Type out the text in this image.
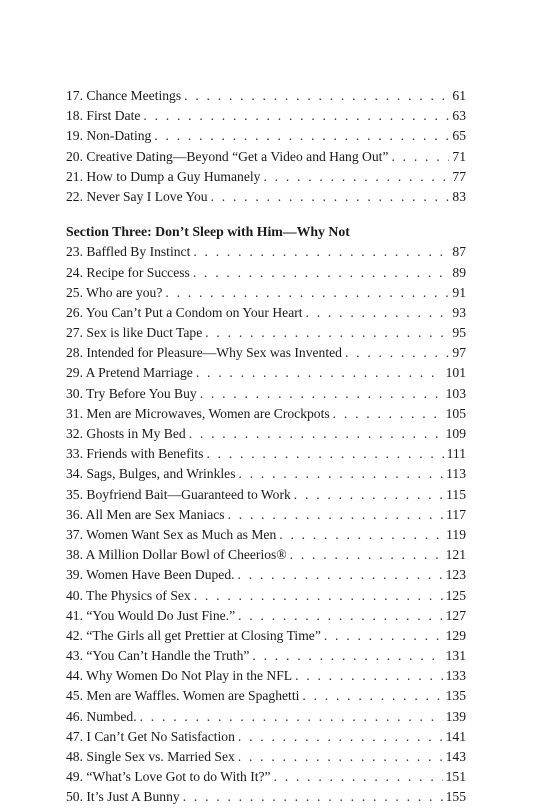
17. Chance Meetings . . .	61
18. First Date . . .	63
19. Non-Dating . . .	65
20. Creative Dating—Beyond “Get a Video and Hang Out” . . .	71
21. How to Dump a Guy Humanely . . .	77
22. Never Say I Love You . . .	83
Section Three: Don’t Sleep with Him—Why Not
23. Baffled By Instinct . . .	87
24. Recipe for Success . . .	89
25. Who are you? . . .	91
26. You Can’t Put a Condom on Your Heart . . .	93
27. Sex is like Duct Tape . . .	95
28. Intended for Pleasure—Why Sex was Invented . . .	97
29. A Pretend Marriage . . .	101
30. Try Before You Buy . . .	103
31. Men are Microwaves, Women are Crockpots . . .	105
32. Ghosts in My Bed . . .	109
33. Friends with Benefits . . .	111
34. Sags, Bulges, and Wrinkles . . .	113
35. Boyfriend Bait—Guaranteed to Work . . .	115
36. All Men are Sex Maniacs . . .	117
37. Women Want Sex as Much as Men . . .	119
38. A Million Dollar Bowl of Cheerios® . . .	121
39. Women Have Been Duped. . . .	123
40. The Physics of Sex . . .	125
41. “You Would Do Just Fine.” . . .	127
42. “The Girls all get Prettier at Closing Time” . . .	129
43. “You Can’t Handle the Truth” . . .	131
44. Why Women Do Not Play in the NFL . . .	133
45. Men are Waffles. Women are Spaghetti . . .	135
46. Numbed. . . .	139
47. I Can’t Get No Satisfaction . . .	141
48. Single Sex vs. Married Sex . . .	143
49. “What’s Love Got to do With It?” . . .	151
50. It’s Just A Bunny . . .	155
